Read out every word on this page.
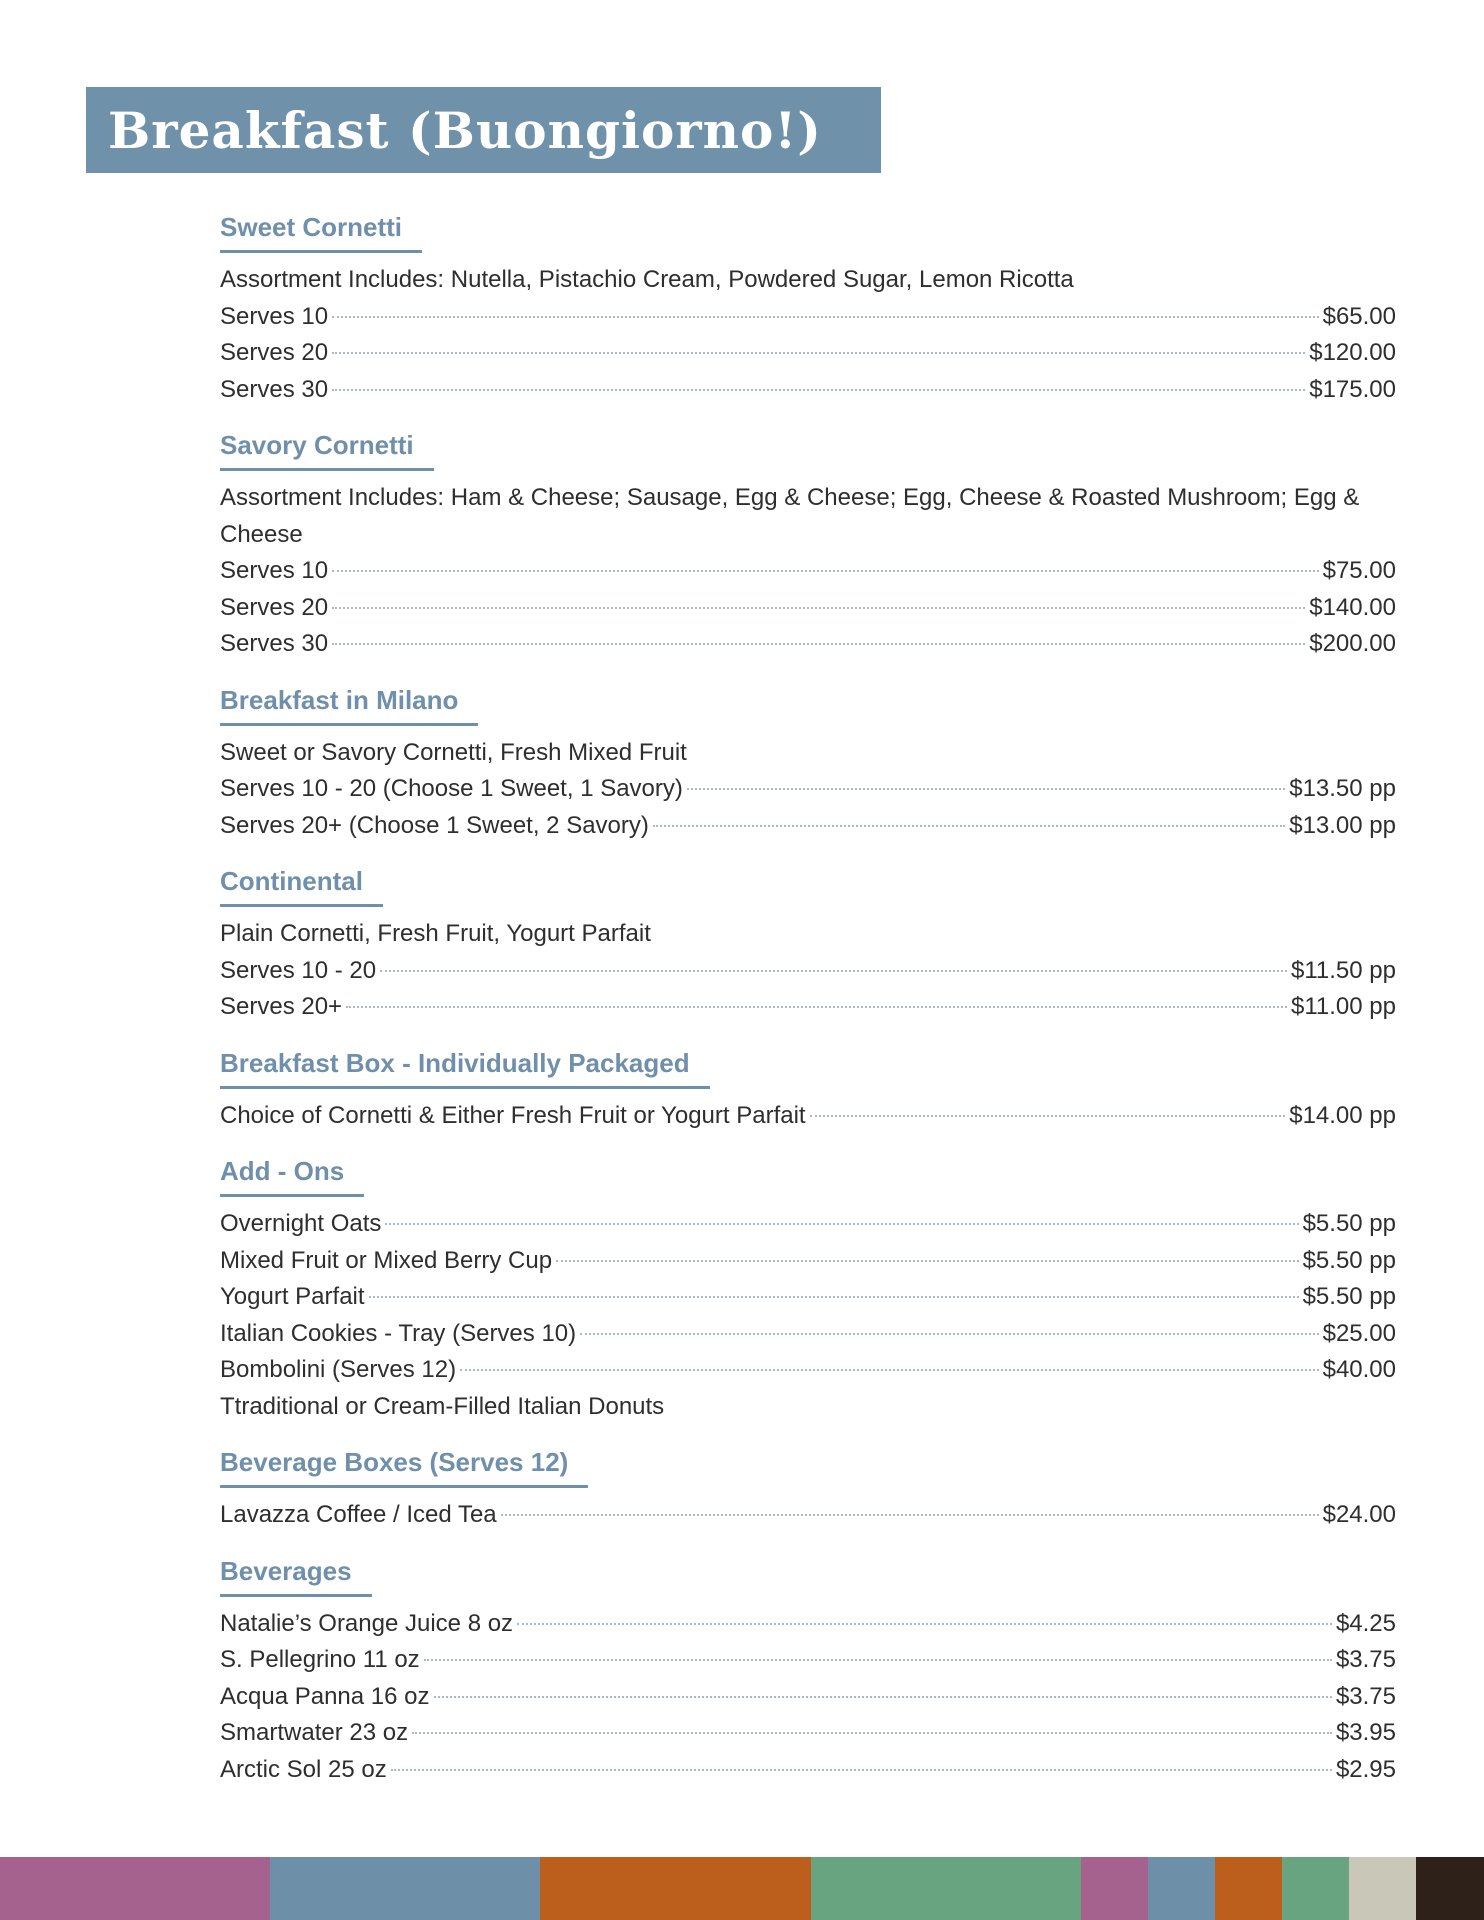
Breakfast (Buongiorno!)
Sweet Cornetti
Assortment Includes: Nutella, Pistachio Cream, Powdered Sugar, Lemon Ricotta
Serves 10	$65.00
Serves 20	$120.00
Serves 30	$175.00
Savory Cornetti
Assortment Includes: Ham & Cheese; Sausage, Egg & Cheese; Egg, Cheese & Roasted Mushroom; Egg & Cheese
Serves 10	$75.00
Serves 20	$140.00
Serves 30	$200.00
Breakfast in Milano
Sweet or Savory Cornetti, Fresh Mixed Fruit
Serves 10 - 20 (Choose 1 Sweet, 1 Savory)	$13.50 pp
Serves 20+ (Choose 1 Sweet, 2 Savory)	$13.00 pp
Continental
Plain Cornetti, Fresh Fruit, Yogurt Parfait
Serves 10 - 20	$11.50 pp
Serves 20+	$11.00 pp
Breakfast Box - Individually Packaged
Choice of Cornetti & Either Fresh Fruit or Yogurt Parfait	$14.00 pp
Add - Ons
Overnight Oats	$5.50 pp
Mixed Fruit or Mixed Berry Cup	$5.50 pp
Yogurt Parfait	$5.50 pp
Italian Cookies - Tray (Serves 10)	$25.00
Bombolini (Serves 12)	$40.00
Ttraditional or Cream-Filled Italian Donuts
Beverage Boxes (Serves 12)
Lavazza Coffee / Iced Tea	$24.00
Beverages
Natalie’s Orange Juice 8 oz	$4.25
S. Pellegrino 11 oz	$3.75
Acqua Panna 16 oz	$3.75
Smartwater 23 oz	$3.95
Arctic Sol 25 oz	$2.95
